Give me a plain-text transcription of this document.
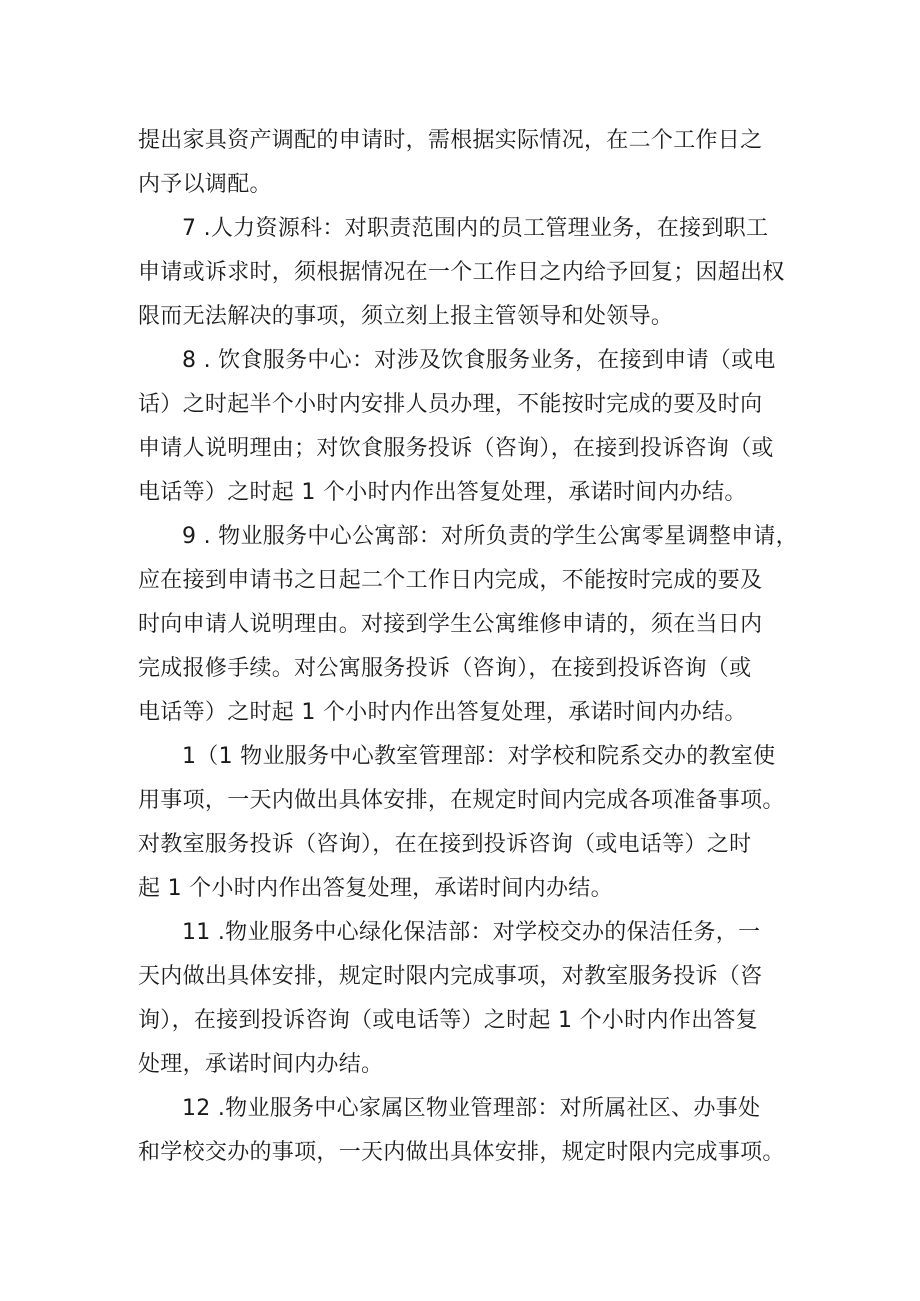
提出家具资产调配的申请时，需根据实际情况，在二个工作日之

内予以调配。

7 .人力资源科：对职责范围内的员工管理业务，在接到职工

申请或诉求时，须根据情况在一个工作日之内给予回复；因超出权

限而无法解决的事项，须立刻上报主管领导和处领导。

8 . 饮食服务中心：对涉及饮食服务业务，在接到申请（或电

话）之时起半个小时内安排人员办理，不能按时完成的要及时向

申请人说明理由；对饮食服务投诉（咨询），在接到投诉咨询（或

电话等）之时起 1 个小时内作出答复处理，承诺时间内办结。

9 . 物业服务中心公寓部：对所负责的学生公寓零星调整申请，

应在接到申请书之日起二个工作日内完成，不能按时完成的要及

时向申请人说明理由。对接到学生公寓维修申请的，须在当日内

完成报修手续。对公寓服务投诉（咨询），在接到投诉咨询（或

电话等）之时起 1 个小时内作出答复处理，承诺时间内办结。

1（1 物业服务中心教室管理部：对学校和院系交办的教室使

用事项，一天内做出具体安排，在规定时间内完成各项准备事项。

对教室服务投诉（咨询），在在接到投诉咨询（或电话等）之时

起 1 个小时内作出答复处理，承诺时间内办结。

11 .物业服务中心绿化保洁部：对学校交办的保洁任务，一

天内做出具体安排，规定时限内完成事项，对教室服务投诉（咨

询），在接到投诉咨询（或电话等）之时起 1 个小时内作出答复

处理，承诺时间内办结。

12 .物业服务中心家属区物业管理部：对所属社区、办事处

和学校交办的事项，一天内做出具体安排，规定时限内完成事项。
